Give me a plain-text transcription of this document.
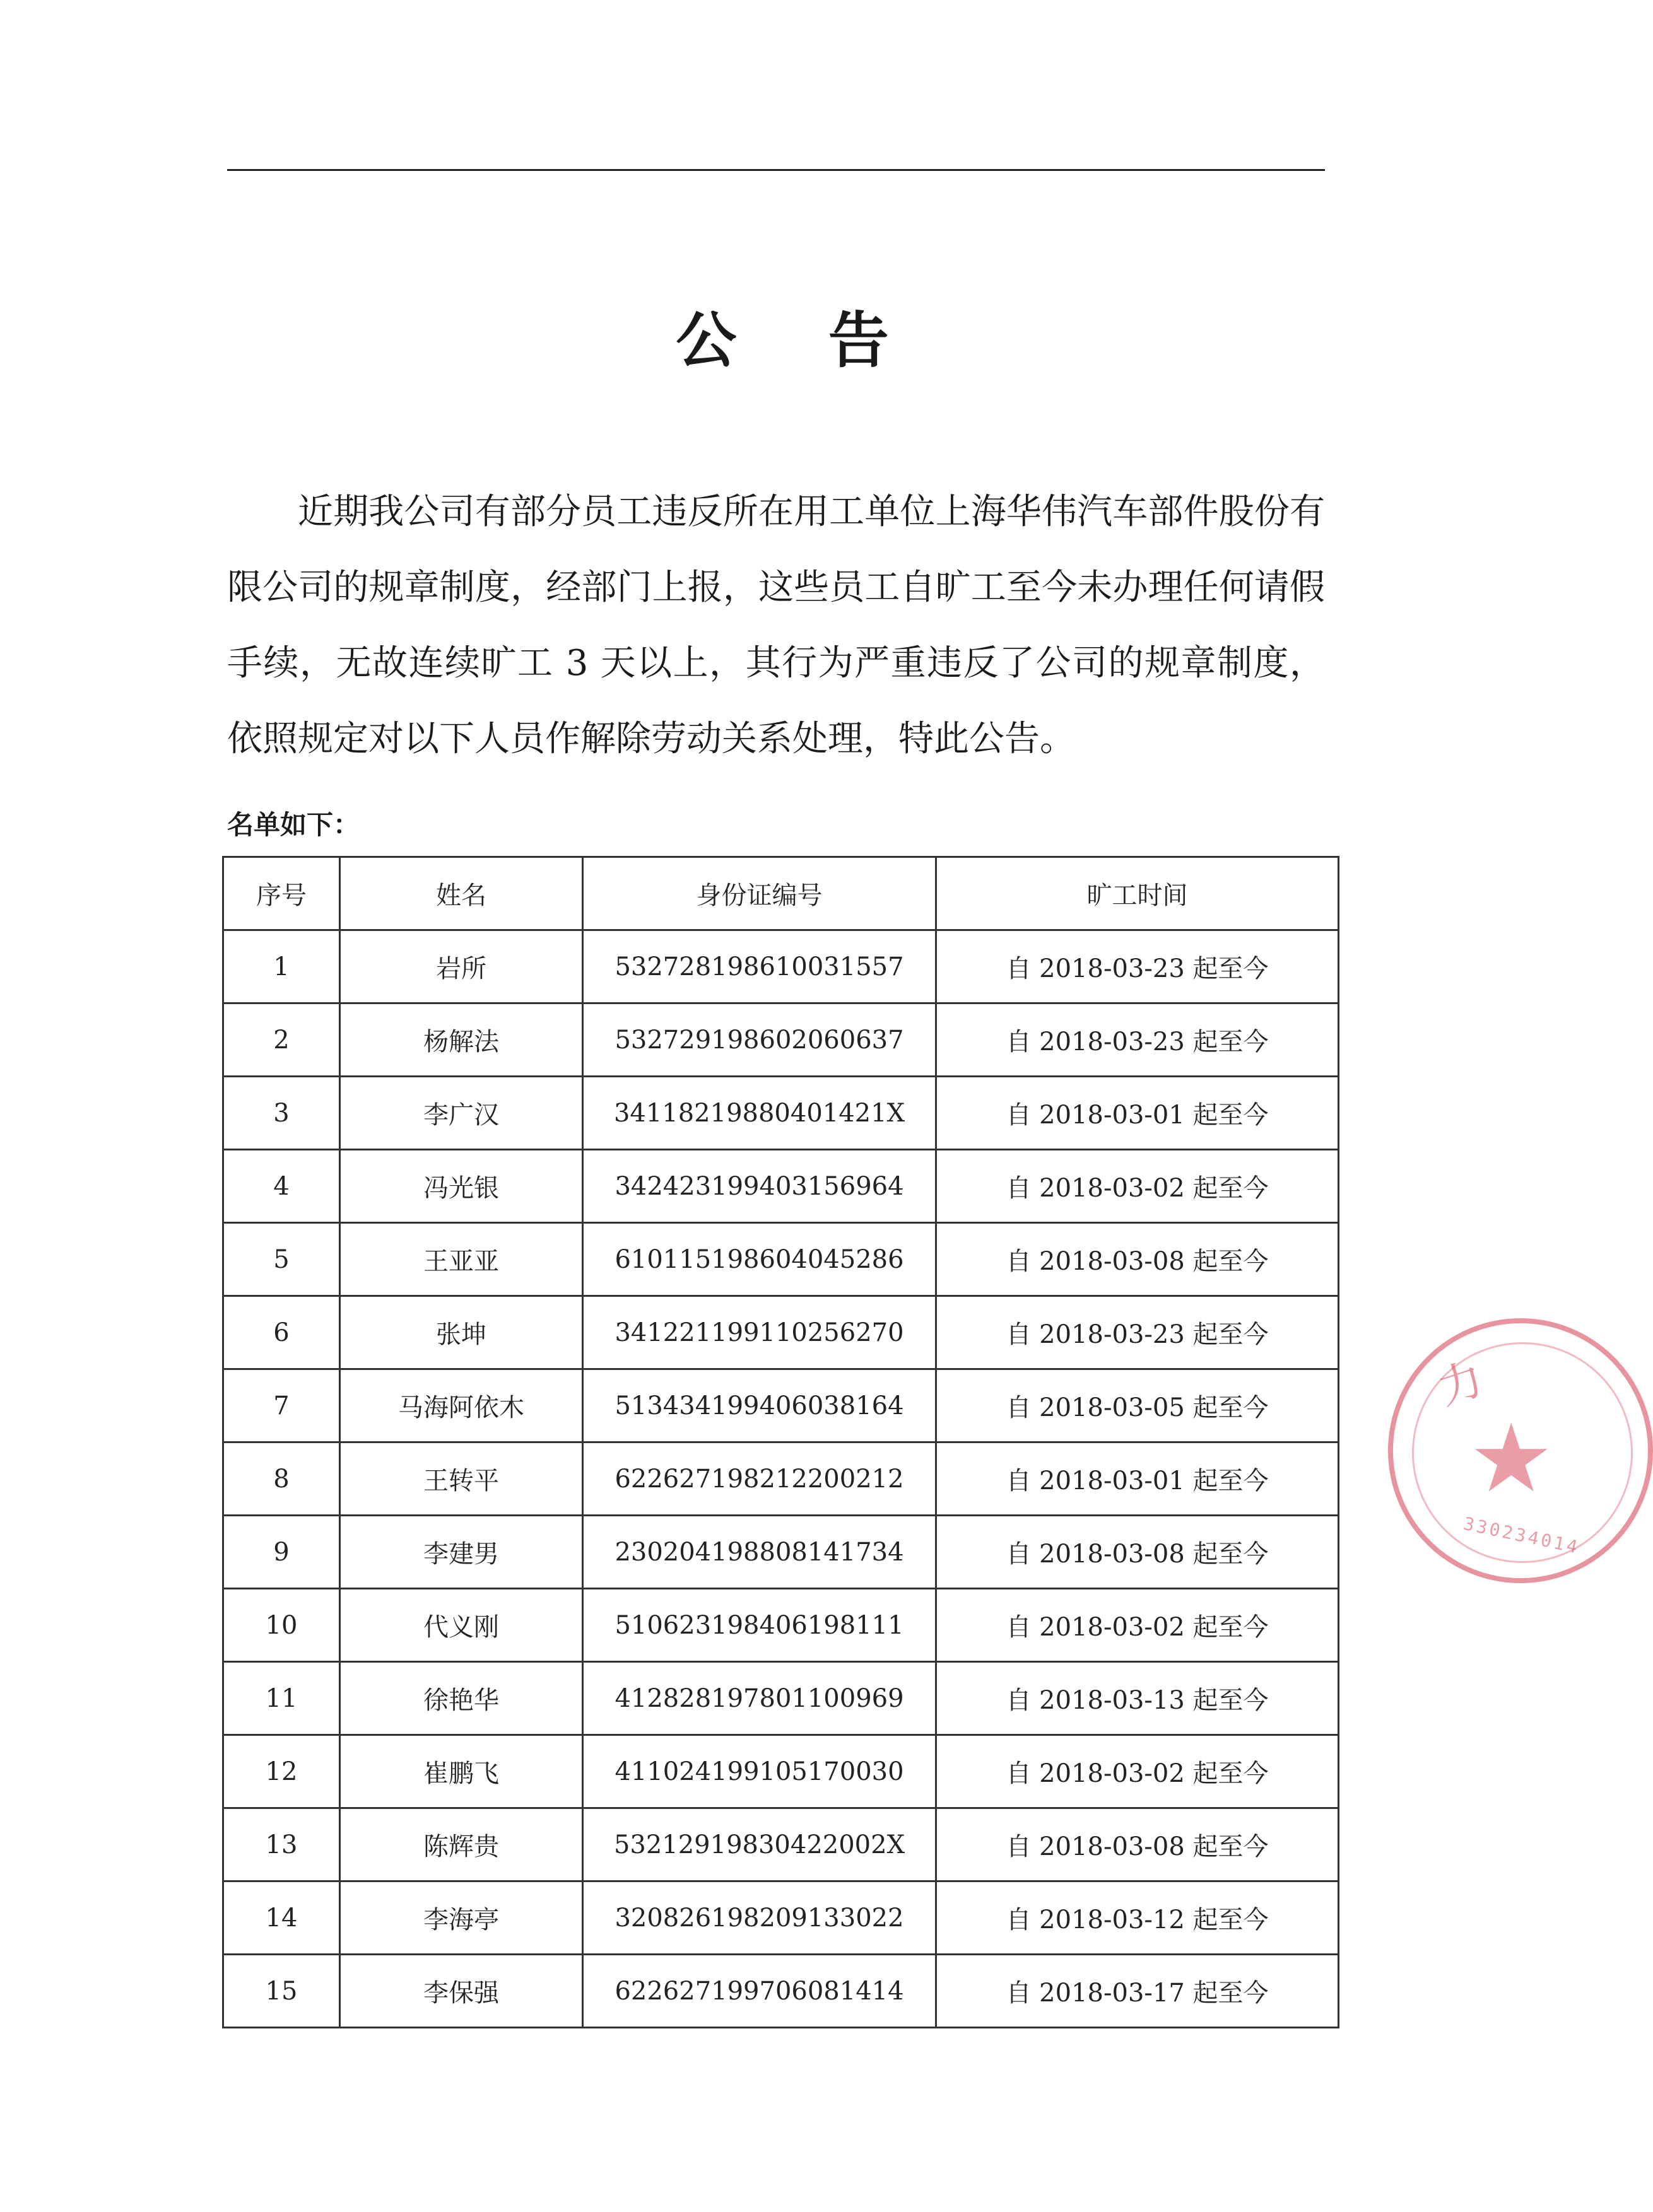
公 告

近期我公司有部分员工违反所在用工单位上海华伟汽车部件股份有限公司的规章制度，经部门上报，这些员工自旷工至今未办理任何请假手续，无故连续旷工 3 天以上，其行为严重违反了公司的规章制度，依照规定对以下人员作解除劳动关系处理，特此公告。

名单如下：
序号	姓名	身份证编号	旷工时间
1	岩所	532728198610031557	自 2018-03-23 起至今
2	杨解法	532729198602060637	自 2018-03-23 起至今
3	李广汉	34118219880401421X	自 2018-03-01 起至今
4	冯光银	342423199403156964	自 2018-03-02 起至今
5	王亚亚	610115198604045286	自 2018-03-08 起至今
6	张坤	341221199110256270	自 2018-03-23 起至今
7	马海阿依木	513434199406038164	自 2018-03-05 起至今
8	王转平	622627198212200212	自 2018-03-01 起至今
9	李建男	230204198808141734	自 2018-03-08 起至今
10	代义刚	510623198406198111	自 2018-03-02 起至今
11	徐艳华	412828197801100969	自 2018-03-13 起至今
12	崔鹏飞	411024199105170030	自 2018-03-02 起至今
13	陈辉贵	53212919830422002X	自 2018-03-08 起至今
14	李海亭	320826198209133022	自 2018-03-12 起至今
15	李保强	622627199706081414	自 2018-03-17 起至今
力
★
330234014
